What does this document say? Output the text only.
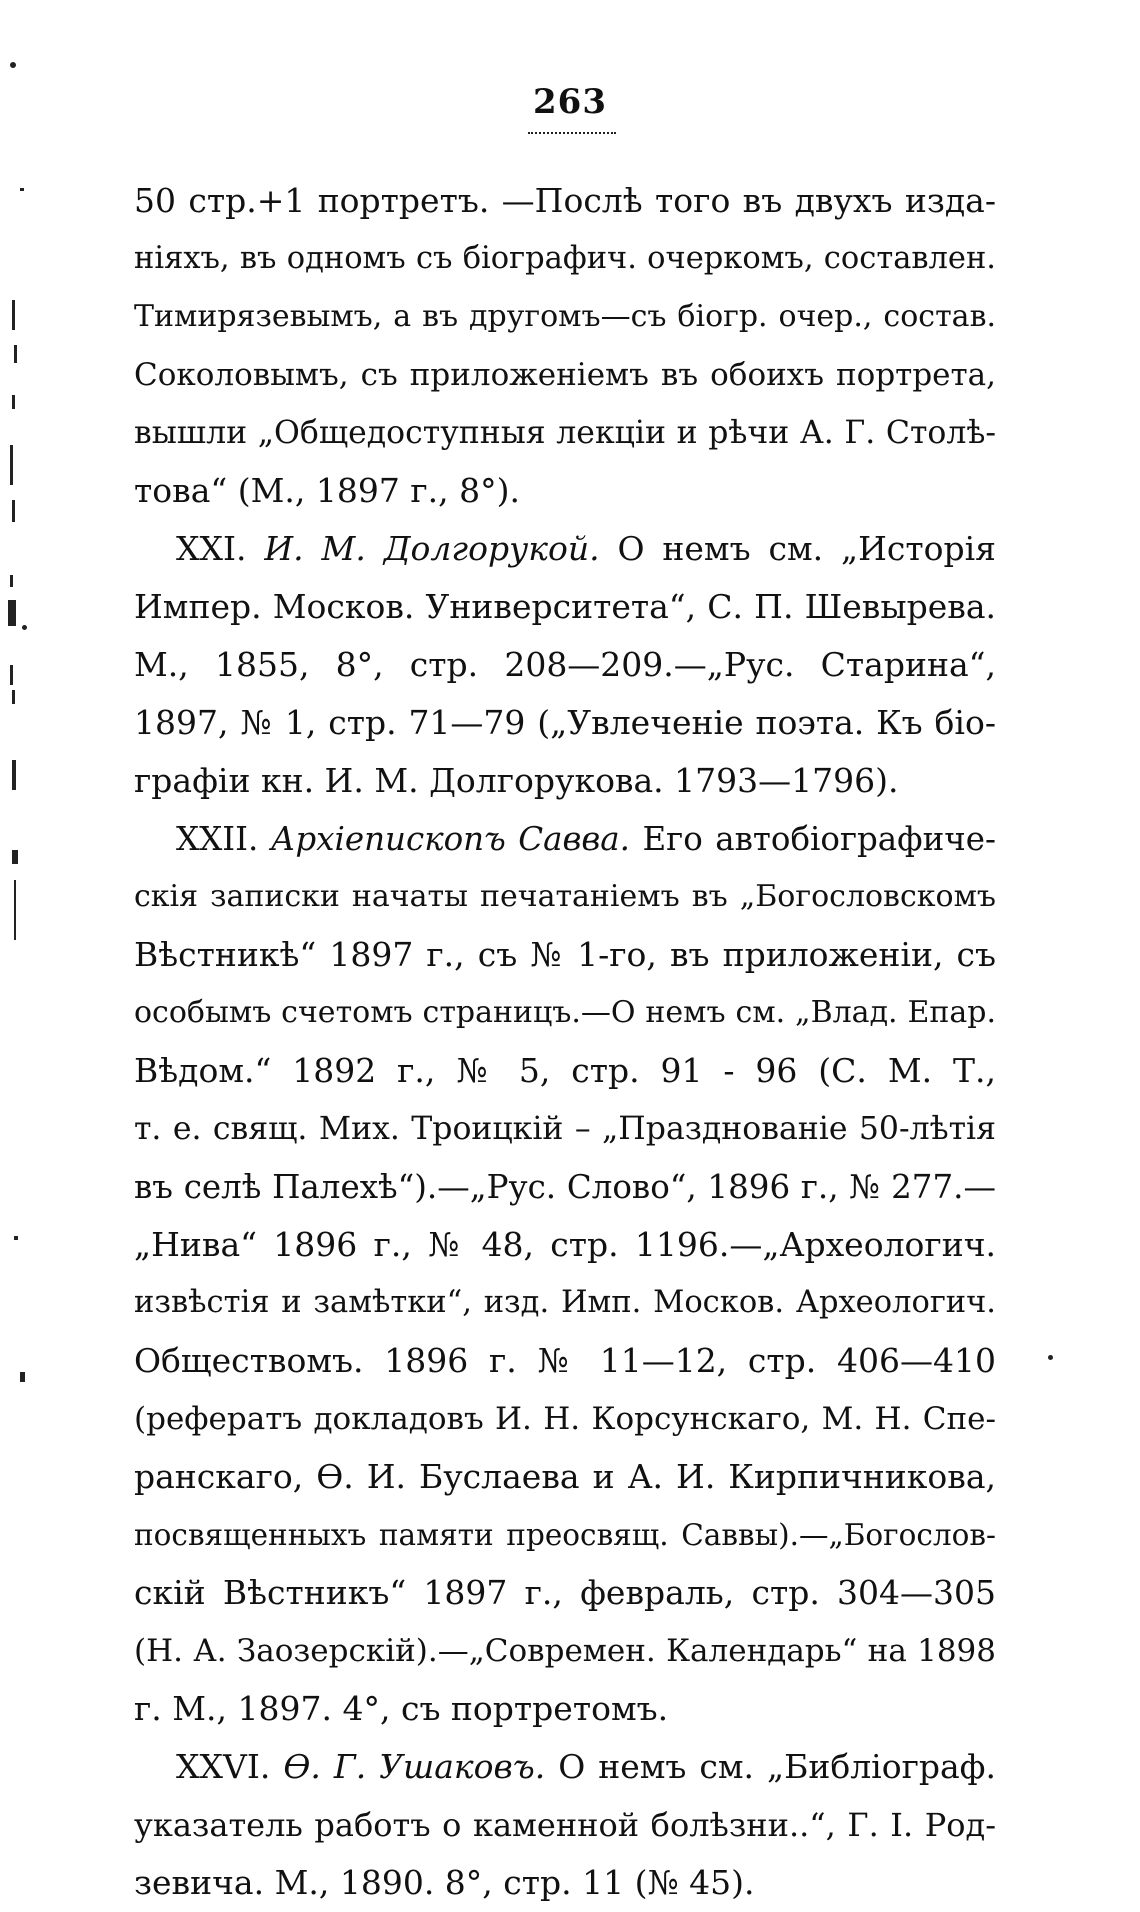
263
50 стр.+1 портретъ. —Послѣ того въ двухъ изда-
ніяхъ, въ одномъ съ біографич. очеркомъ, составлен.
Тимирязевымъ, а въ другомъ—съ біогр. очер., состав.
Соколовымъ, съ приложеніемъ въ обоихъ портрета,
вышли „Общедоступныя лекціи и рѣчи А. Г. Столѣ-
това“ (М., 1897 г., 8°).
XXI. И. М. Долгорукой. О немъ см. „Исторія
Импер. Москов. Университета“, С. П. Шевырева.
М., 1855, 8°, стр. 208—209.—„Рус. Старина“,
1897, № 1, стр. 71—79 („Увлеченіе поэта. Къ біо-
графіи кн. И. М. Долгорукова. 1793—1796).
XXII. Архіепископъ Савва. Его автобіографиче-
скія записки начаты печатаніемъ въ „Богословскомъ
Вѣстникѣ“ 1897 г., съ № 1-го, въ приложеніи, съ
особымъ счетомъ страницъ.—О немъ см. „Влад. Епар.
Вѣдом.“ 1892 г., № 5, стр. 91 - 96 (С. М. Т.,
т. е. свящ. Мих. Троицкій – „Празднованіе 50-лѣтія
въ селѣ Палехѣ“).—„Рус. Слово“, 1896 г., № 277.—
„Нива“ 1896 г., № 48, стр. 1196.—„Археологич.
извѣстія и замѣтки“, изд. Имп. Москов. Археологич.
Обществомъ. 1896 г. № 11—12, стр. 406—410
(рефератъ докладовъ И. Н. Корсунскаго, М. Н. Спе-
ранскаго, Ѳ. И. Буслаева и А. И. Кирпичникова,
посвященныхъ памяти преосвящ. Саввы).—„Богослов-
скій Вѣстникъ“ 1897 г., февраль, стр. 304—305
(Н. А. Заозерскій).—„Современ. Календарь“ на 1898
г. М., 1897. 4°, съ портретомъ.
XXVI. Ѳ. Г. Ушаковъ. О немъ см. „Библіограф.
указатель работъ о каменной болѣзни..“, Г. І. Род-
зевича. М., 1890. 8°, стр. 11 (№ 45).
